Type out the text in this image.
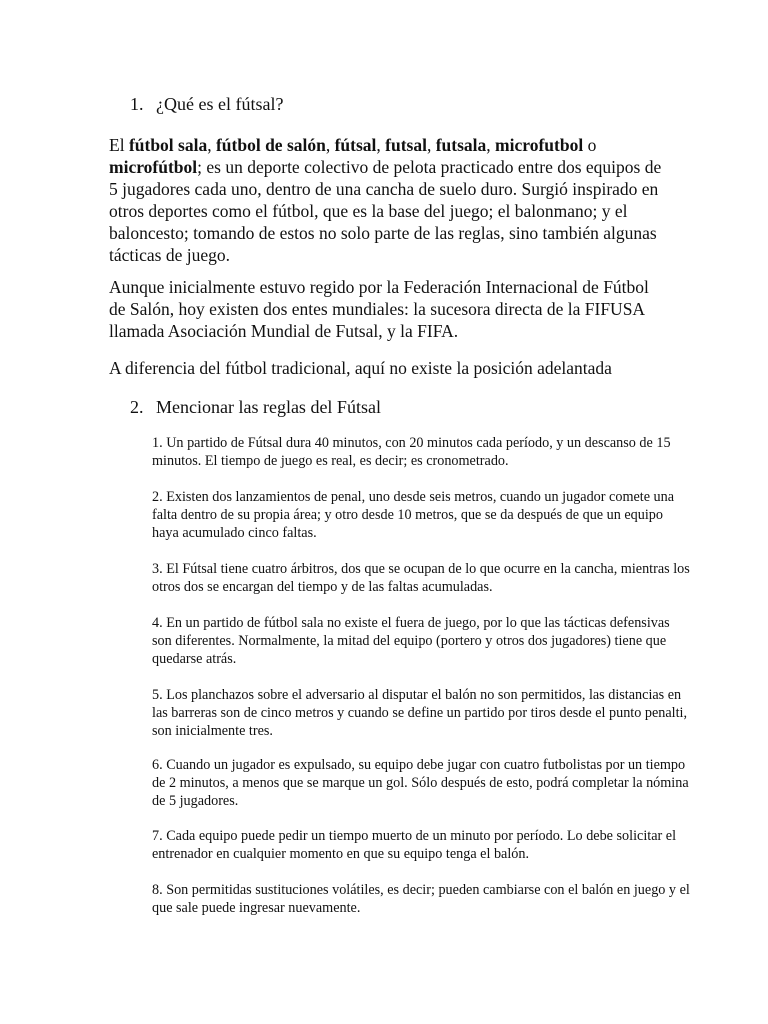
1. ¿Qué es el fútsal?

El fútbol sala, fútbol de salón, fútsal, futsal, futsala, microfutbol o microfútbol; es un deporte colectivo de pelota practicado entre dos equipos de 5 jugadores cada uno, dentro de una cancha de suelo duro. Surgió inspirado en otros deportes como el fútbol, que es la base del juego; el balonmano; y el baloncesto; tomando de estos no solo parte de las reglas, sino también algunas tácticas de juego.

Aunque inicialmente estuvo regido por la Federación Internacional de Fútbol de Salón, hoy existen dos entes mundiales: la sucesora directa de la FIFUSA llamada Asociación Mundial de Futsal, y la FIFA.

A diferencia del fútbol tradicional, aquí no existe la posición adelantada

2. Mencionar las reglas del Fútsal

1. Un partido de Fútsal dura 40 minutos, con 20 minutos cada período, y un descanso de 15 minutos. El tiempo de juego es real, es decir; es cronometrado.

2. Existen dos lanzamientos de penal, uno desde seis metros, cuando un jugador comete una falta dentro de su propia área; y otro desde 10 metros, que se da después de que un equipo haya acumulado cinco faltas.

3. El Fútsal tiene cuatro árbitros, dos que se ocupan de lo que ocurre en la cancha, mientras los otros dos se encargan del tiempo y de las faltas acumuladas.

4. En un partido de fútbol sala no existe el fuera de juego, por lo que las tácticas defensivas son diferentes. Normalmente, la mitad del equipo (portero y otros dos jugadores) tiene que quedarse atrás.

5. Los planchazos sobre el adversario al disputar el balón no son permitidos, las distancias en las barreras son de cinco metros y cuando se define un partido por tiros desde el punto penalti, son inicialmente tres.

6. Cuando un jugador es expulsado, su equipo debe jugar con cuatro futbolistas por un tiempo de 2 minutos, a menos que se marque un gol. Sólo después de esto, podrá completar la nómina de 5 jugadores.

7. Cada equipo puede pedir un tiempo muerto de un minuto por período. Lo debe solicitar el entrenador en cualquier momento en que su equipo tenga el balón.

8. Son permitidas sustituciones volátiles, es decir; pueden cambiarse con el balón en juego y el que sale puede ingresar nuevamente.
